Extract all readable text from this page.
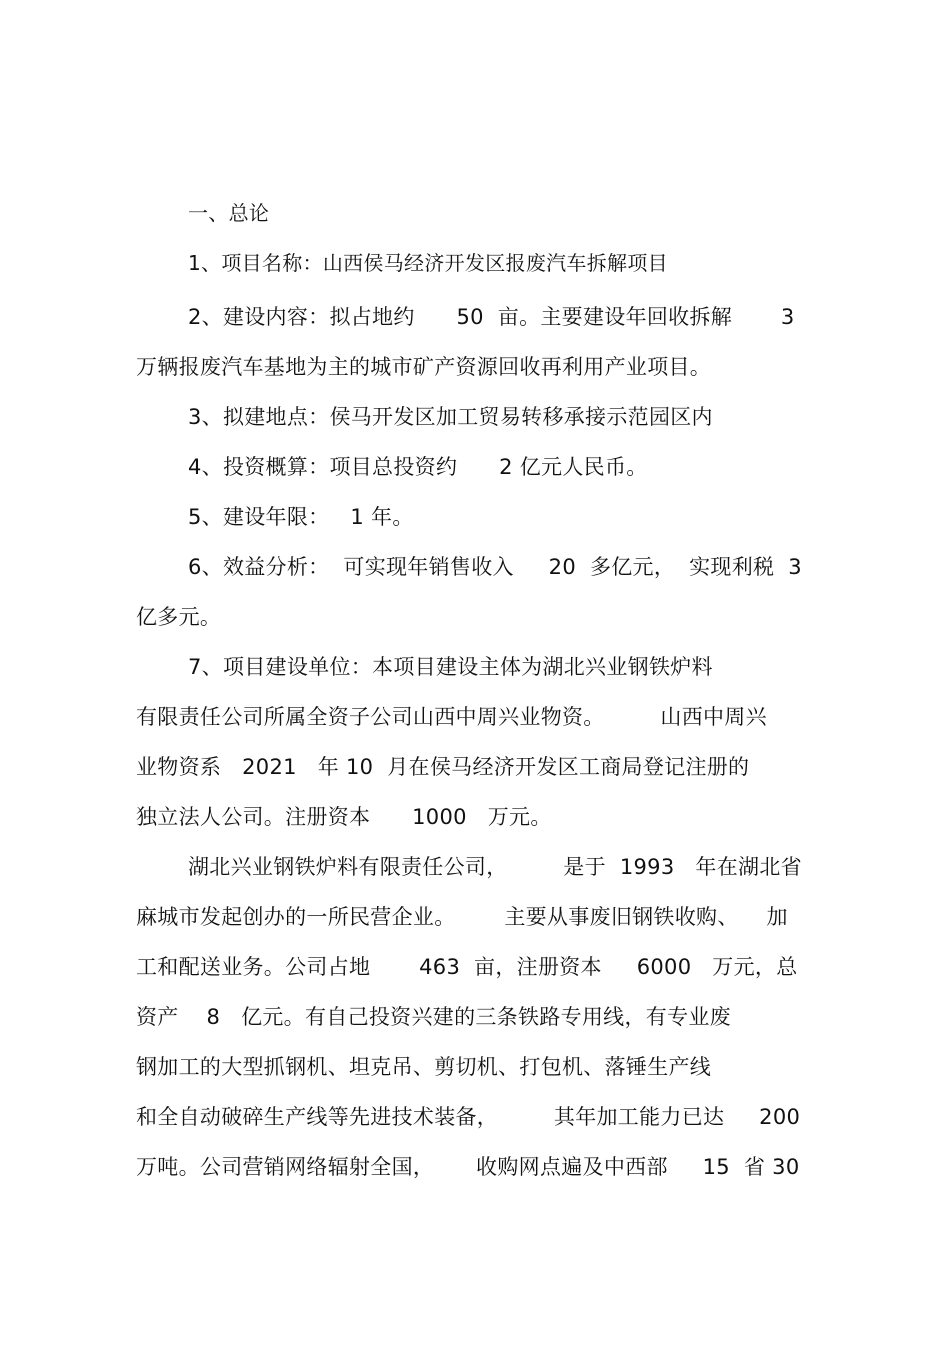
一、总论
1、项目名称：山西侯马经济开发区报废汽车拆解项目
2、建设内容：拟占地约      50  亩。主要建设年回收拆解       3
万辆报废汽车基地为主的城市矿产资源回收再利用产业项目。
3、拟建地点：侯马开发区加工贸易转移承接示范园区内
4、投资概算：项目总投资约      2 亿元人民币。
5、建设年限：   1 年。
6、效益分析：  可实现年销售收入     20  多亿元，  实现利税  3
亿多元。
7、项目建设单位：本项目建设主体为湖北兴业钢铁炉料
有限责任公司所属全资子公司山西中周兴业物资。        山西中周兴
业物资系   2021   年 10  月在侯马经济开发区工商局登记注册的
独立法人公司。注册资本      1000   万元。
湖北兴业钢铁炉料有限责任公司，        是于  1993   年在湖北省
麻城市发起创办的一所民营企业。       主要从事废旧钢铁收购、    加
工和配送业务。公司占地       463  亩，注册资本     6000   万元，总
资产    8   亿元。有自己投资兴建的三条铁路专用线，有专业废
钢加工的大型抓钢机、坦克吊、剪切机、打包机、落锤生产线
和全自动破碎生产线等先进技术装备，        其年加工能力已达     200
万吨。公司营销网络辐射全国，      收购网点遍及中西部     15  省 30
